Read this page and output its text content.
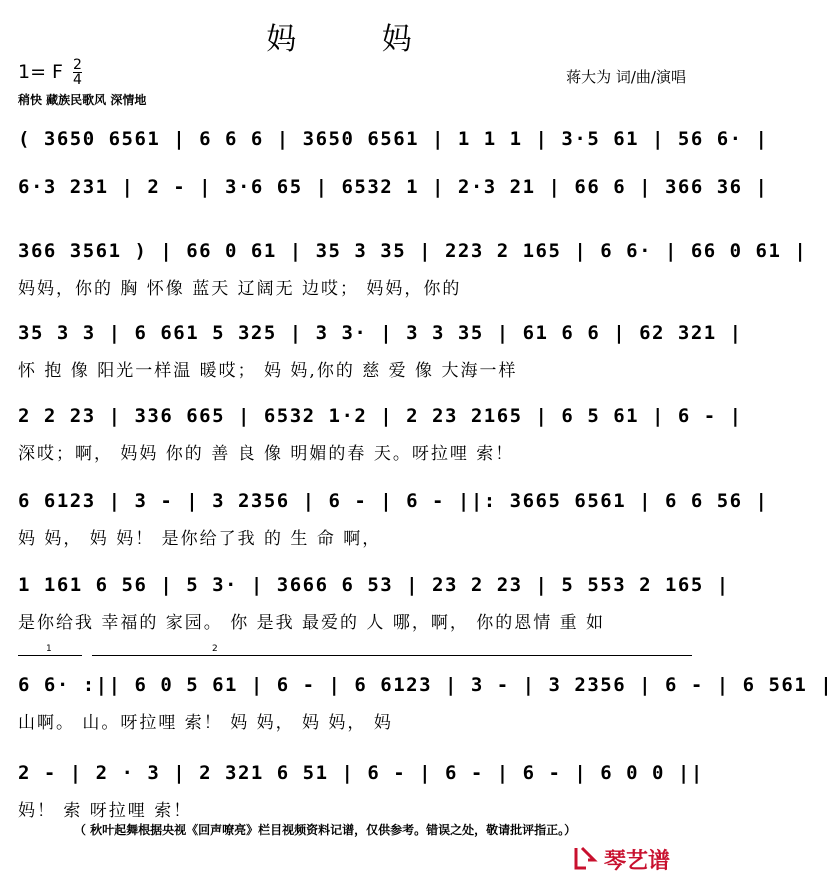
妈 妈
1= F $\frac{2}{4}$
稍快 藏族民歌风 深情地
蒋大为 词/曲/演唱
( 3650 6561 | 6 6 6 | 3650 6561 | 1 1 1 | 3·5 61 | 56 6· |
6·3 231 | 2 - | 3·6 65 | 6532 1 | 2·3 21 | 66 6 | 366 36 |
366 3561 ) | 66 0 61 | 35 3 35 | 223 2 165 | 6 6· | 66 0 61 |
妈妈，你的 胸 怀像 蓝天 辽阔无 边哎； 妈妈，你的
35 3 3 | 6 661 5 325 | 3 3· | 3 3 35 | 61 6 6 | 62 321 |
怀 抱 像 阳光一样温 暖哎； 妈 妈,你的 慈 爱 像 大海一样
2 2 23 | 336 665 | 6532 1·2 | 2 23 2165 | 6 5 61 | 6 - |
深哎；啊， 妈妈 你的 善 良 像 明媚的春 天。呀拉哩 索！
6 6123 | 3 - | 3 2356 | 6 - | 6 - ||: 3665 6561 | 6 6 56 |
妈 妈， 妈 妈！ 是你给了我 的 生 命 啊，
1 161 6 56 | 5 3· | 3666 6 53 | 23 2 23 | 5 553 2 165 |
是你给我 幸福的 家园。 你 是我 最爱的 人 哪，啊， 你的恩情 重 如
1	2
6 6· :|| 6 0 5 61 | 6 - | 6 6123 | 3 - | 3 2356 | 6 - | 6 561 |
山啊。 山。呀拉哩 索！ 妈 妈， 妈 妈， 妈
2 - | 2 · 3 | 2 321 6 51 | 6 - | 6 - | 6 - | 6 0 0 ||
妈！ 索 呀拉哩 索！
（ 秋叶起舞根据央视《回声嘹亮》栏目视频资料记谱，仅供参考。错误之处，敬请批评指正。）
琴艺谱
